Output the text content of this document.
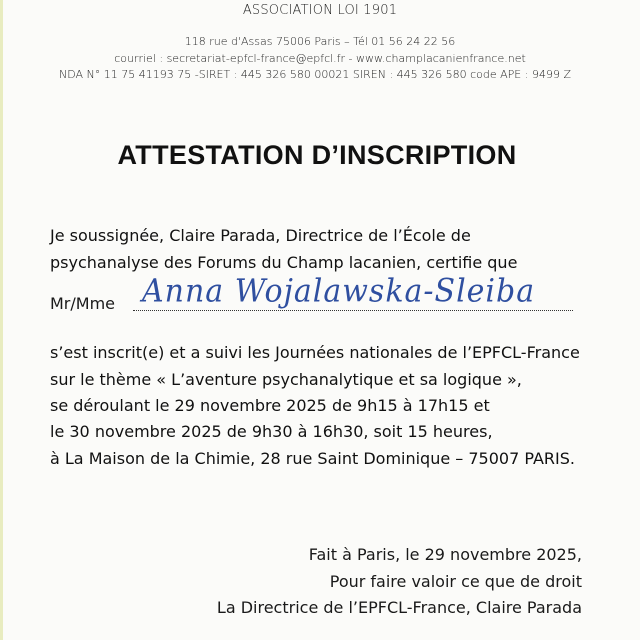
ASSOCIATION LOI 1901
118 rue d'Assas 75006 Paris – Tél 01 56 24 22 56
courriel : secretariat-epfcl-france@epfcl.fr - www.champlacanienfrance.net
NDA N° 11 75 41193 75 -SIRET : 445 326 580 00021 SIREN : 445 326 580 code APE : 9499 Z
ATTESTATION D’INSCRIPTION
Je soussignée, Claire Parada, Directrice de l’École de
psychanalyse des Forums du Champ lacanien, certifie que
Mr/Mme Anna Wojalawska-Sleiba
s’est inscrit(e) et a suivi les Journées nationales de l’EPFCL-France
sur le thème « L’aventure psychanalytique et sa logique »,
se déroulant le 29 novembre 2025 de 9h15 à 17h15 et
le 30 novembre 2025 de 9h30 à 16h30, soit 15 heures,
à La Maison de la Chimie, 28 rue Saint Dominique – 75007 PARIS.
Fait à Paris, le 29 novembre 2025,
Pour faire valoir ce que de droit
La Directrice de l’EPFCL-France, Claire Parada
